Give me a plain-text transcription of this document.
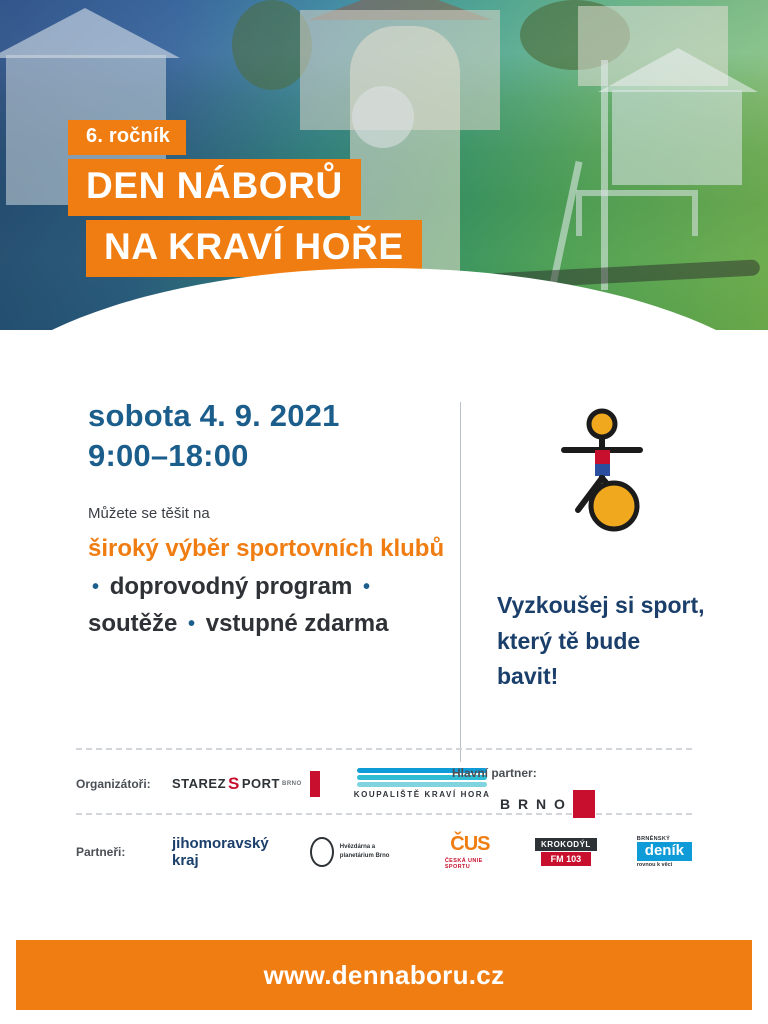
6. ročník
DEN NÁBORŮ
NA KRAVÍ HOŘE
sobota 4. 9. 2021
9:00–18:00
Můžete se těšit na
široký výběr sportovních klubů • doprovodný program • soutěže • vstupné zdarma
Vyzkoušej si sport, který tě bude bavit!
Organizátoři:	STAREZ S PORT BRNO
KOUPALIŠTĚ KRAVÍ HORA
Hlavní partner:
B R N O
Partneři:	jihomoravský kraj
Hvězdárna a planetárium Brno
ČUS
ČESKÁ UNIE SPORTU
KROKODÝL
FM 103
BRNĚNSKÝ
deník
rovnou k věci
www.dennaboru.cz
